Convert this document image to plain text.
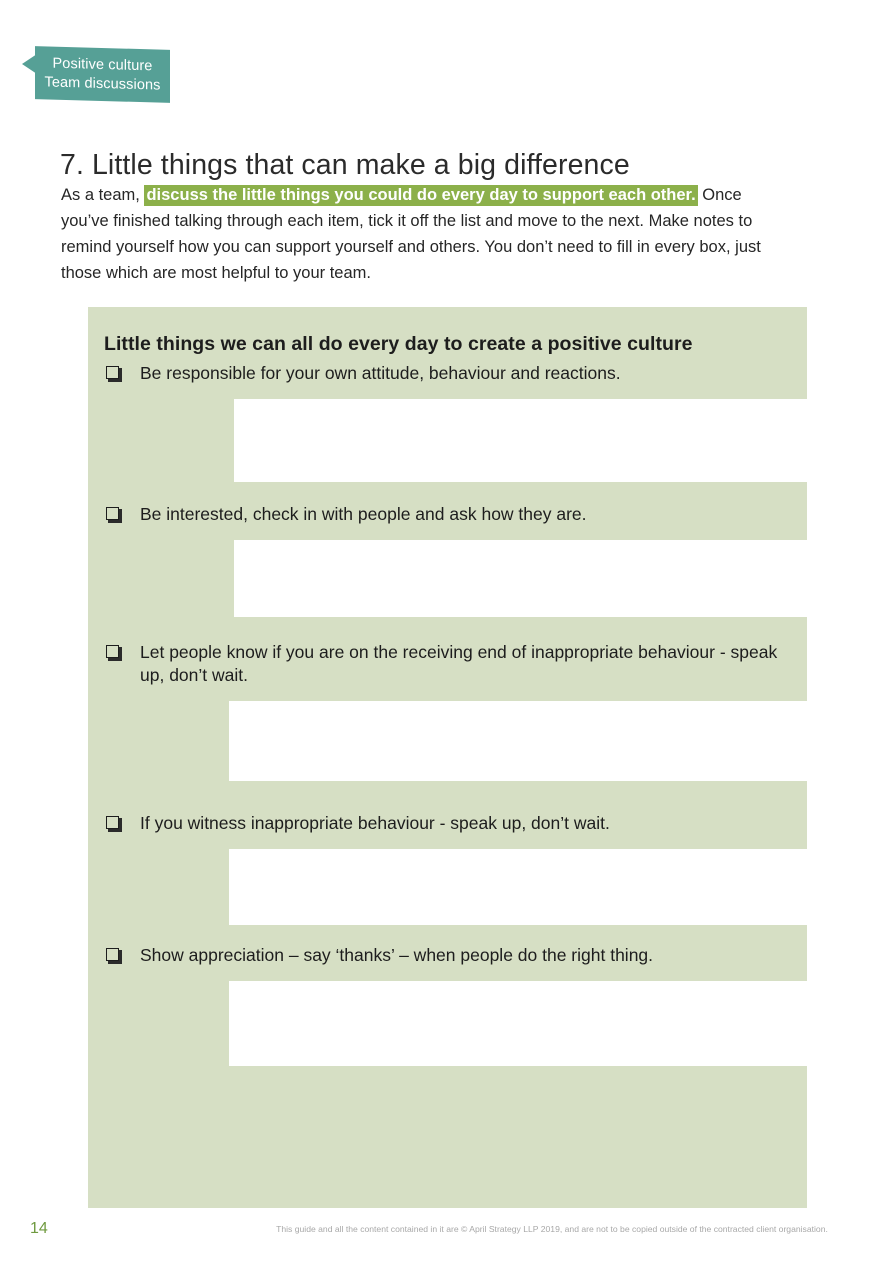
Positive culture
Team discussions
7. Little things that can make a big difference
As a team, discuss the little things you could do every day to support each other. Once you’ve finished talking through each item, tick it off the list and move to the next. Make notes to remind yourself how you can support yourself and others. You don’t need to fill in every box, just those which are most helpful to your team.
Little things we can all do every day to create a positive culture
Be responsible for your own attitude, behaviour and reactions.
Be interested, check in with people and ask how they are.
Let people know if you are on the receiving end of inappropriate behaviour - speak up, don’t wait.
If you witness inappropriate behaviour - speak up, don’t wait.
Show appreciation – say ‘thanks’ – when people do the right thing.
14	This guide and all the content contained in it are © April Strategy LLP 2019, and are not to be copied outside of the contracted client organisation.
